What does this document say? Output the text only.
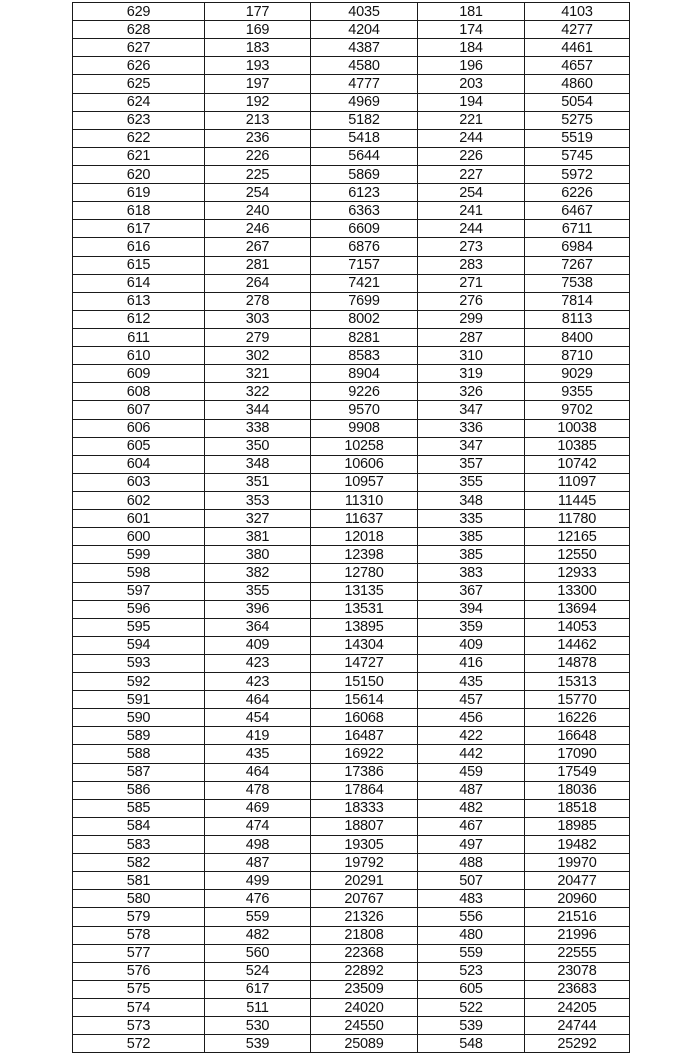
629	177	4035	181	4103
628	169	4204	174	4277
627	183	4387	184	4461
626	193	4580	196	4657
625	197	4777	203	4860
624	192	4969	194	5054
623	213	5182	221	5275
622	236	5418	244	5519
621	226	5644	226	5745
620	225	5869	227	5972
619	254	6123	254	6226
618	240	6363	241	6467
617	246	6609	244	6711
616	267	6876	273	6984
615	281	7157	283	7267
614	264	7421	271	7538
613	278	7699	276	7814
612	303	8002	299	8113
611	279	8281	287	8400
610	302	8583	310	8710
609	321	8904	319	9029
608	322	9226	326	9355
607	344	9570	347	9702
606	338	9908	336	10038
605	350	10258	347	10385
604	348	10606	357	10742
603	351	10957	355	11097
602	353	11310	348	11445
601	327	11637	335	11780
600	381	12018	385	12165
599	380	12398	385	12550
598	382	12780	383	12933
597	355	13135	367	13300
596	396	13531	394	13694
595	364	13895	359	14053
594	409	14304	409	14462
593	423	14727	416	14878
592	423	15150	435	15313
591	464	15614	457	15770
590	454	16068	456	16226
589	419	16487	422	16648
588	435	16922	442	17090
587	464	17386	459	17549
586	478	17864	487	18036
585	469	18333	482	18518
584	474	18807	467	18985
583	498	19305	497	19482
582	487	19792	488	19970
581	499	20291	507	20477
580	476	20767	483	20960
579	559	21326	556	21516
578	482	21808	480	21996
577	560	22368	559	22555
576	524	22892	523	23078
575	617	23509	605	23683
574	511	24020	522	24205
573	530	24550	539	24744
572	539	25089	548	25292
